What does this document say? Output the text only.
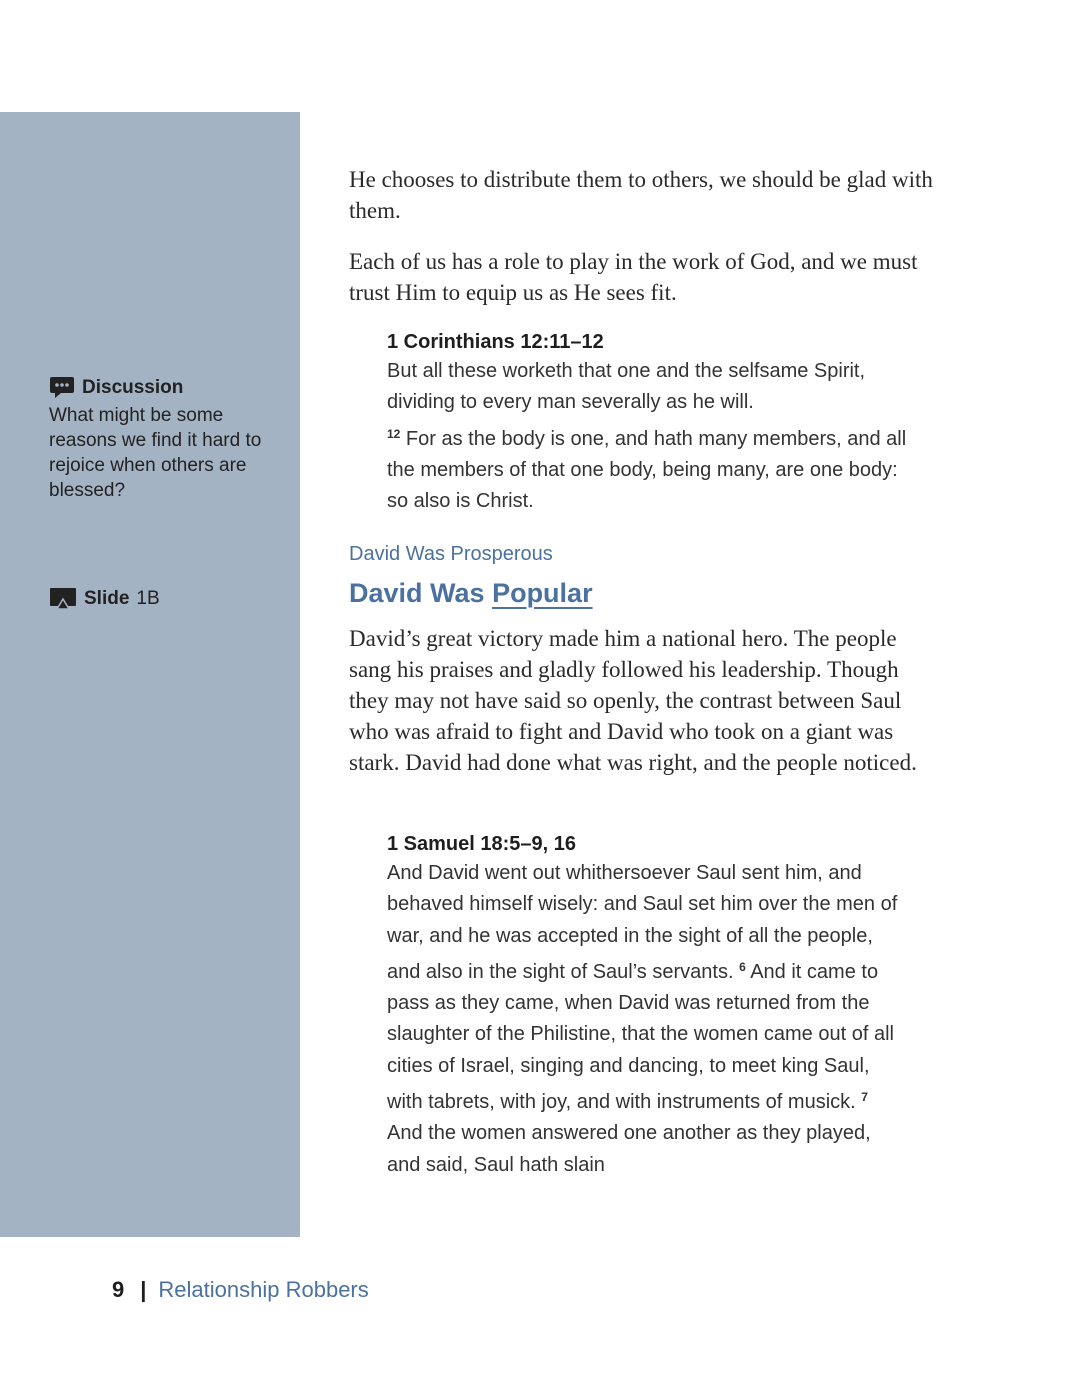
Discussion
What might be some reasons we find it hard to rejoice when others are blessed?
Slide 1B

He chooses to distribute them to others, we should be glad with them.

Each of us has a role to play in the work of God, and we must trust Him to equip us as He sees fit.

1 Corinthians 12:11–12
But all these worketh that one and the selfsame Spirit, dividing to every man severally as he will.
$^{12}$ For as the body is one, and hath many members, and all the members of that one body, being many, are one body: so also is Christ.
David Was Prosperous
David Was Popular

David’s great victory made him a national hero. The people sang his praises and gladly followed his leadership. Though they may not have said so openly, the contrast between Saul who was afraid to fight and David who took on a giant was stark. David had done what was right, and the people noticed.

1 Samuel 18:5–9, 16
And David went out whithersoever Saul sent him, and behaved himself wisely: and Saul set him over the men of war, and he was accepted in the sight of all the people, and also in the sight of Saul’s servants. $^6$ And it came to pass as they came, when David was returned from the slaughter of the Philistine, that the women came out of all cities of Israel, singing and dancing, to meet king Saul, with tabrets, with joy, and with instruments of musick. $^7$ And the women answered one another as they played, and said, Saul hath slain
9 | Relationship Robbers
